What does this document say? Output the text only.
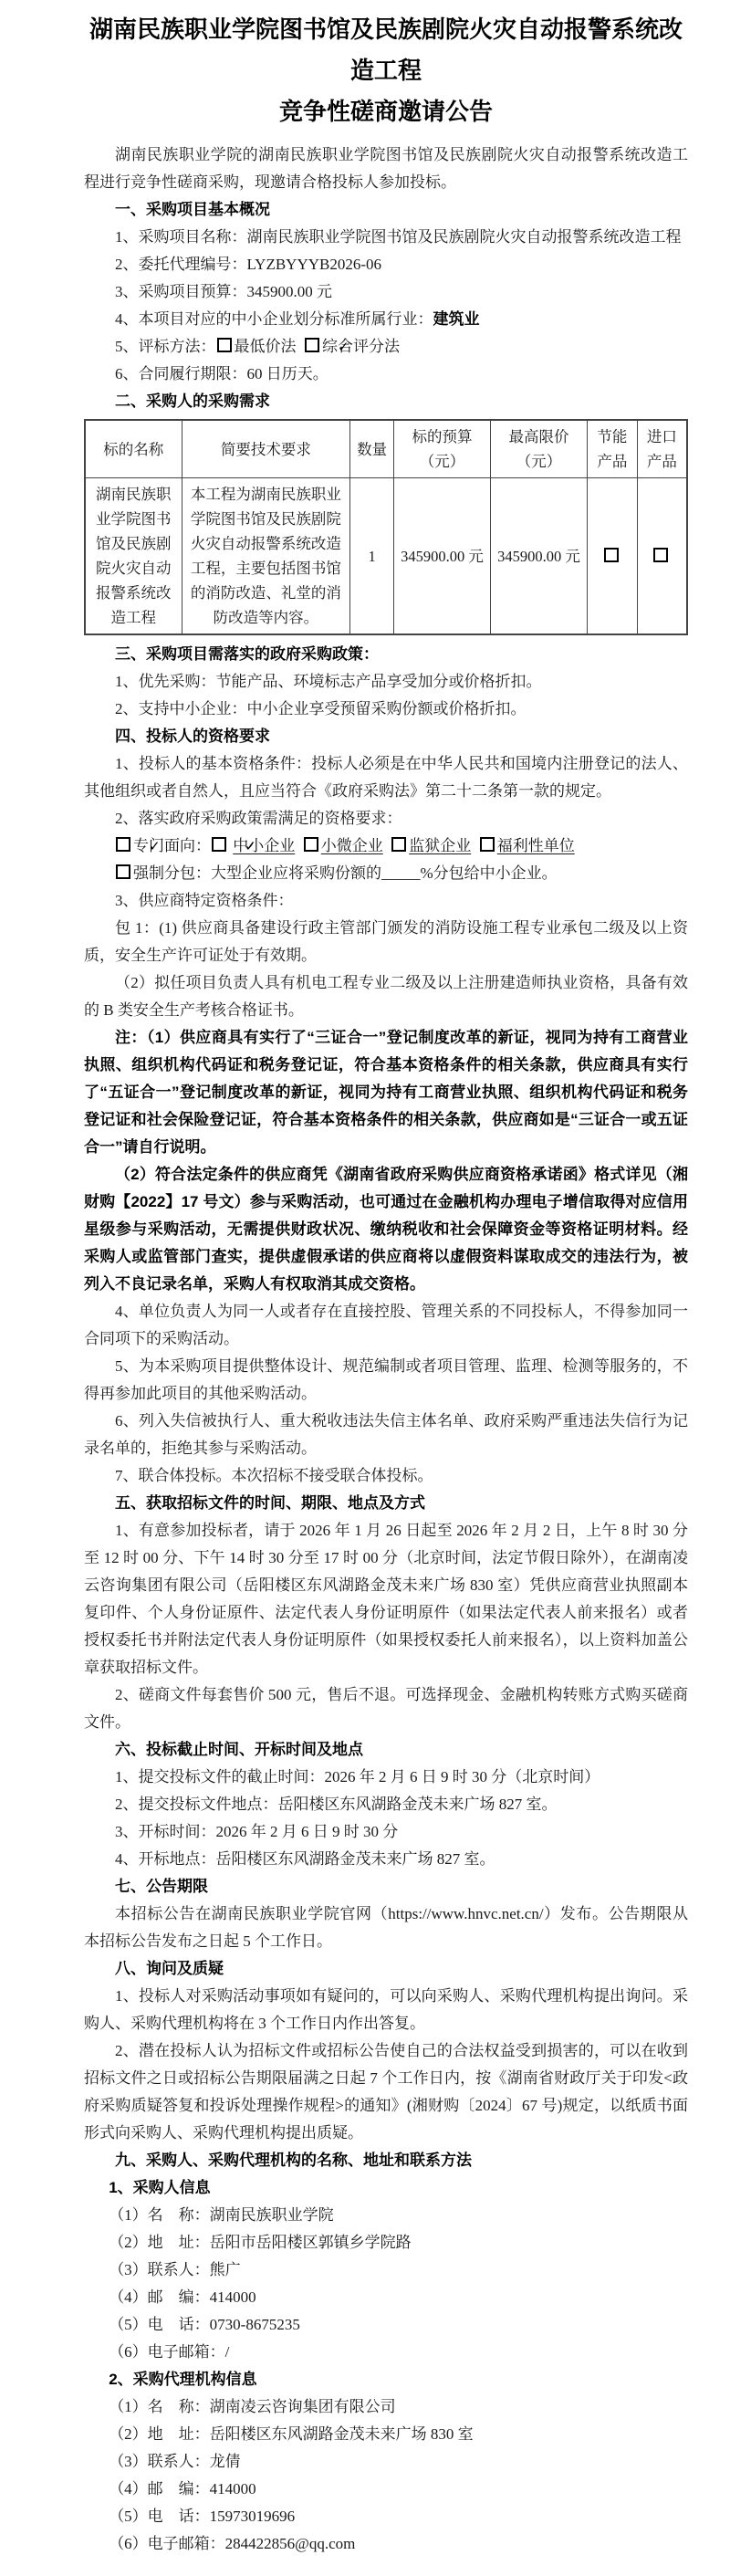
湖南民族职业学院图书馆及民族剧院火灾自动报警系统改造工程
竞争性磋商邀请公告

湖南民族职业学院的湖南民族职业学院图书馆及民族剧院火灾自动报警系统改造工程进行竞争性磋商采购，现邀请合格投标人参加投标。

一、采购项目基本概况

1、采购项目名称：湖南民族职业学院图书馆及民族剧院火灾自动报警系统改造工程

2、委托代理编号：LYZBYYYB2026-06

3、采购项目预算：345900.00 元

4、本项目对应的中小企业划分标准所属行业：建筑业

5、评标方法： 最低价法 ✓ 综合评分法

6、合同履行期限：60 日历天。

二、采购人的采购需求

标的名称	简要技术要求	数量	标的预算（元）	最高限价（元）	节能产品	进口产品
湖南民族职业学院图书馆及民族剧院火灾自动报警系统改造工程	本工程为湖南民族职业学院图书馆及民族剧院火灾自动报警系统改造工程，主要包括图书馆的消防改造、礼堂的消防改造等内容。	1	345900.00 元	345900.00 元		

三、采购项目需落实的政府采购政策：

1、优先采购：节能产品、环境标志产品享受加分或价格折扣。

2、支持中小企业：中小企业享受预留采购份额或价格折扣。

四、投标人的资格要求

1、投标人的基本资格条件：投标人必须是在中华人民共和国境内注册登记的法人、其他组织或者自然人，且应当符合《政府采购法》第二十二条第一款的规定。

2、落实政府采购政策需满足的资格要求：

✓专门面向： ✓ 中小企业 小微企业 监狱企业 福利性单位

强制分包：大型企业应将采购份额的_____%分包给中小企业。

3、供应商特定资格条件：

包 1：(1) 供应商具备建设行政主管部门颁发的消防设施工程专业承包二级及以上资质，安全生产许可证处于有效期。

（2）拟任项目负责人具有机电工程专业二级及以上注册建造师执业资格，具备有效的 B 类安全生产考核合格证书。

注：（1）供应商具有实行了“三证合一”登记制度改革的新证，视同为持有工商营业执照、组织机构代码证和税务登记证，符合基本资格条件的相关条款，供应商具有实行了“五证合一”登记制度改革的新证，视同为持有工商营业执照、组织机构代码证和税务登记证和社会保险登记证，符合基本资格条件的相关条款，供应商如是“三证合一或五证合一”请自行说明。

（2）符合法定条件的供应商凭《湖南省政府采购供应商资格承诺函》格式详见（湘财购【2022】17 号文）参与采购活动，也可通过在金融机构办理电子增信取得对应信用星级参与采购活动，无需提供财政状况、缴纳税收和社会保障资金等资格证明材料。经采购人或监管部门查实，提供虚假承诺的供应商将以虚假资料谋取成交的违法行为，被列入不良记录名单，采购人有权取消其成交资格。

4、单位负责人为同一人或者存在直接控股、管理关系的不同投标人，不得参加同一合同项下的采购活动。

5、为本采购项目提供整体设计、规范编制或者项目管理、监理、检测等服务的，不得再参加此项目的其他采购活动。

6、列入失信被执行人、重大税收违法失信主体名单、政府采购严重违法失信行为记录名单的，拒绝其参与采购活动。

7、联合体投标。本次招标不接受联合体投标。

五、获取招标文件的时间、期限、地点及方式

1、有意参加投标者，请于 2026 年 1 月 26 日起至 2026 年 2 月 2 日，上午 8 时 30 分至 12 时 00 分、下午 14 时 30 分至 17 时 00 分（北京时间，法定节假日除外），在湖南凌云咨询集团有限公司（岳阳楼区东风湖路金茂未来广场 830 室）凭供应商营业执照副本复印件、个人身份证原件、法定代表人身份证明原件（如果法定代表人前来报名）或者授权委托书并附法定代表人身份证明原件（如果授权委托人前来报名），以上资料加盖公章获取招标文件。

2、磋商文件每套售价 500 元，售后不退。可选择现金、金融机构转账方式购买磋商文件。

六、投标截止时间、开标时间及地点

1、提交投标文件的截止时间：2026 年 2 月 6 日 9 时 30 分（北京时间）

2、提交投标文件地点：岳阳楼区东风湖路金茂未来广场 827 室。

3、开标时间：2026 年 2 月 6 日 9 时 30 分

4、开标地点：岳阳楼区东风湖路金茂未来广场 827 室。

七、公告期限

本招标公告在湖南民族职业学院官网（https://www.hnvc.net.cn/）发布。公告期限从本招标公告发布之日起 5 个工作日。

八、询问及质疑

1、投标人对采购活动事项如有疑问的，可以向采购人、采购代理机构提出询问。采购人、采购代理机构将在 3 个工作日内作出答复。

2、潜在投标人认为招标文件或招标公告使自己的合法权益受到损害的，可以在收到招标文件之日或招标公告期限届满之日起 7 个工作日内，按《湖南省财政厅关于印发<政府采购质疑答复和投诉处理操作规程>的通知》(湘财购〔2024〕67 号)规定，以纸质书面形式向采购人、采购代理机构提出质疑。

九、采购人、采购代理机构的名称、地址和联系方法

1、采购人信息

（1）名　称：湖南民族职业学院

（2）地　址：岳阳市岳阳楼区郭镇乡学院路

（3）联系人：熊广

（4）邮　编：414000

（5）电　话：0730-8675235

（6）电子邮箱：/

2、采购代理机构信息

（1）名　称：湖南凌云咨询集团有限公司

（2）地　址：岳阳楼区东风湖路金茂未来广场 830 室

（3）联系人：龙倩

（4）邮　编：414000

（5）电　话：15973019696

（6）电子邮箱：284422856@qq.com
